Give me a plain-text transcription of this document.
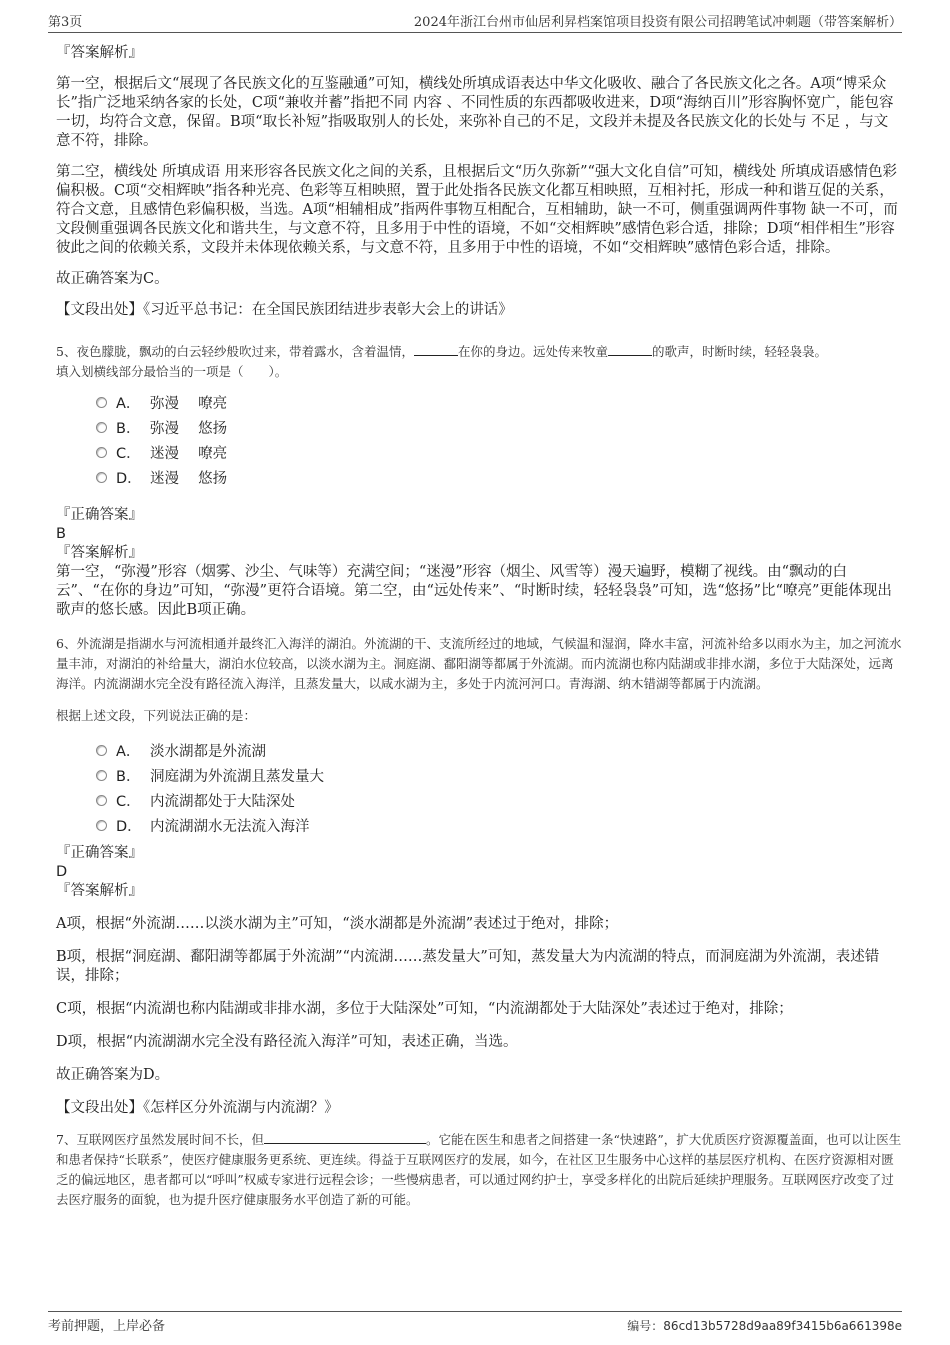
第3页	2024年浙江台州市仙居利昇档案馆项目投资有限公司招聘笔试冲刺题（带答案解析）

『答案解析』

第一空，根据后文“展现了各民族文化的互鉴融通”可知，横线处所填成语表达中华文化吸收、融合了各民族文化之各。A项“博采众长”指广泛地采纳各家的长处，C项“兼收并蓄”指把不同 内容 、不同性质的东西都吸收进来，D项“海纳百川”形容胸怀宽广，能包容一切，均符合文意，保留。B项“取长补短”指吸取别人的长处，来弥补自己的不足，文段并未提及各民族文化的长处与 不足 ，与文意不符，排除。

第二空，横线处 所填成语 用来形容各民族文化之间的关系，且根据后文“历久弥新”“强大文化自信”可知，横线处 所填成语感情色彩偏积极。C项“交相辉映”指各种光亮、色彩等互相映照，置于此处指各民族文化都互相映照，互相衬托，形成一种和谐互促的关系，符合文意，且感情色彩偏积极，当选。A项“相辅相成”指两件事物互相配合，互相辅助，缺一不可，侧重强调两件事物 缺一不可，而文段侧重强调各民族文化和谐共生，与文意不符，且多用于中性的语境，不如“交相辉映”感情色彩合适，排除；D项“相伴相生”形容彼此之间的依赖关系，文段并未体现依赖关系，与文意不符，且多用于中性的语境，不如“交相辉映”感情色彩合适，排除。

故正确答案为C。

【文段出处】《习近平总书记：在全国民族团结进步表彰大会上的讲话》

5、夜色朦胧，飘动的白云轻纱般吹过来，带着露水，含着温情，	在你的身边。远处传来牧童	的歌声，时断时续，轻轻袅袅。

填入划横线部分最恰当的一项是（　　）。

A． 弥漫　 嘹亮
B． 弥漫　 悠扬
C． 迷漫　 嘹亮
D． 迷漫　 悠扬

『正确答案』

B

『答案解析』

第一空，“弥漫”形容（烟雾、沙尘、气味等）充满空间；“迷漫”形容（烟尘、风雪等）漫天遍野，模糊了视线。由“飘动的白云”、“在你的身边”可知，“弥漫”更符合语境。第二空，由“远处传来”、“时断时续，轻轻袅袅”可知，选“悠扬”比“嘹亮”更能体现出歌声的悠长感。因此B项正确。

6、外流湖是指湖水与河流相通并最终汇入海洋的湖泊。外流湖的干、支流所经过的地域，气候温和湿润，降水丰富，河流补给多以雨水为主，加之河流水量丰沛，对湖泊的补给量大，湖泊水位较高，以淡水湖为主。洞庭湖、鄱阳湖等都属于外流湖。而内流湖也称内陆湖或非排水湖，多位于大陆深处，远离海洋。内流湖湖水完全没有路径流入海洋，且蒸发量大，以咸水湖为主，多处于内流河河口。青海湖、纳木错湖等都属于内流湖。

根据上述文段，下列说法正确的是：

A． 淡水湖都是外流湖
B． 洞庭湖为外流湖且蒸发量大
C． 内流湖都处于大陆深处
D． 内流湖湖水无法流入海洋

『正确答案』

D

『答案解析』

A项，根据“外流湖……以淡水湖为主”可知，“淡水湖都是外流湖”表述过于绝对，排除；

B项，根据“洞庭湖、鄱阳湖等都属于外流湖”“内流湖……蒸发量大”可知，蒸发量大为内流湖的特点，而洞庭湖为外流湖，表述错误，排除；

C项，根据“内流湖也称内陆湖或非排水湖，多位于大陆深处”可知，“内流湖都处于大陆深处”表述过于绝对，排除；

D项，根据“内流湖湖水完全没有路径流入海洋”可知，表述正确，当选。

故正确答案为D。

【文段出处】《怎样区分外流湖与内流湖？》

7、互联网医疗虽然发展时间不长，但	。它能在医生和患者之间搭建一条“快速路”，扩大优质医疗资源覆盖面，也可以让医生和患者保持“长联系”，使医疗健康服务更系统、更连续。得益于互联网医疗的发展，如今，在社区卫生服务中心这样的基层医疗机构、在医疗资源相对匮乏的偏远地区，患者都可以“呼叫”权威专家进行远程会诊；一些慢病患者，可以通过网约护士，享受多样化的出院后延续护理服务。互联网医疗改变了过去医疗服务的面貌，也为提升医疗健康服务水平创造了新的可能。

考前押题，上岸必备	编号：86cd13b5728d9aa89f3415b6a661398e
